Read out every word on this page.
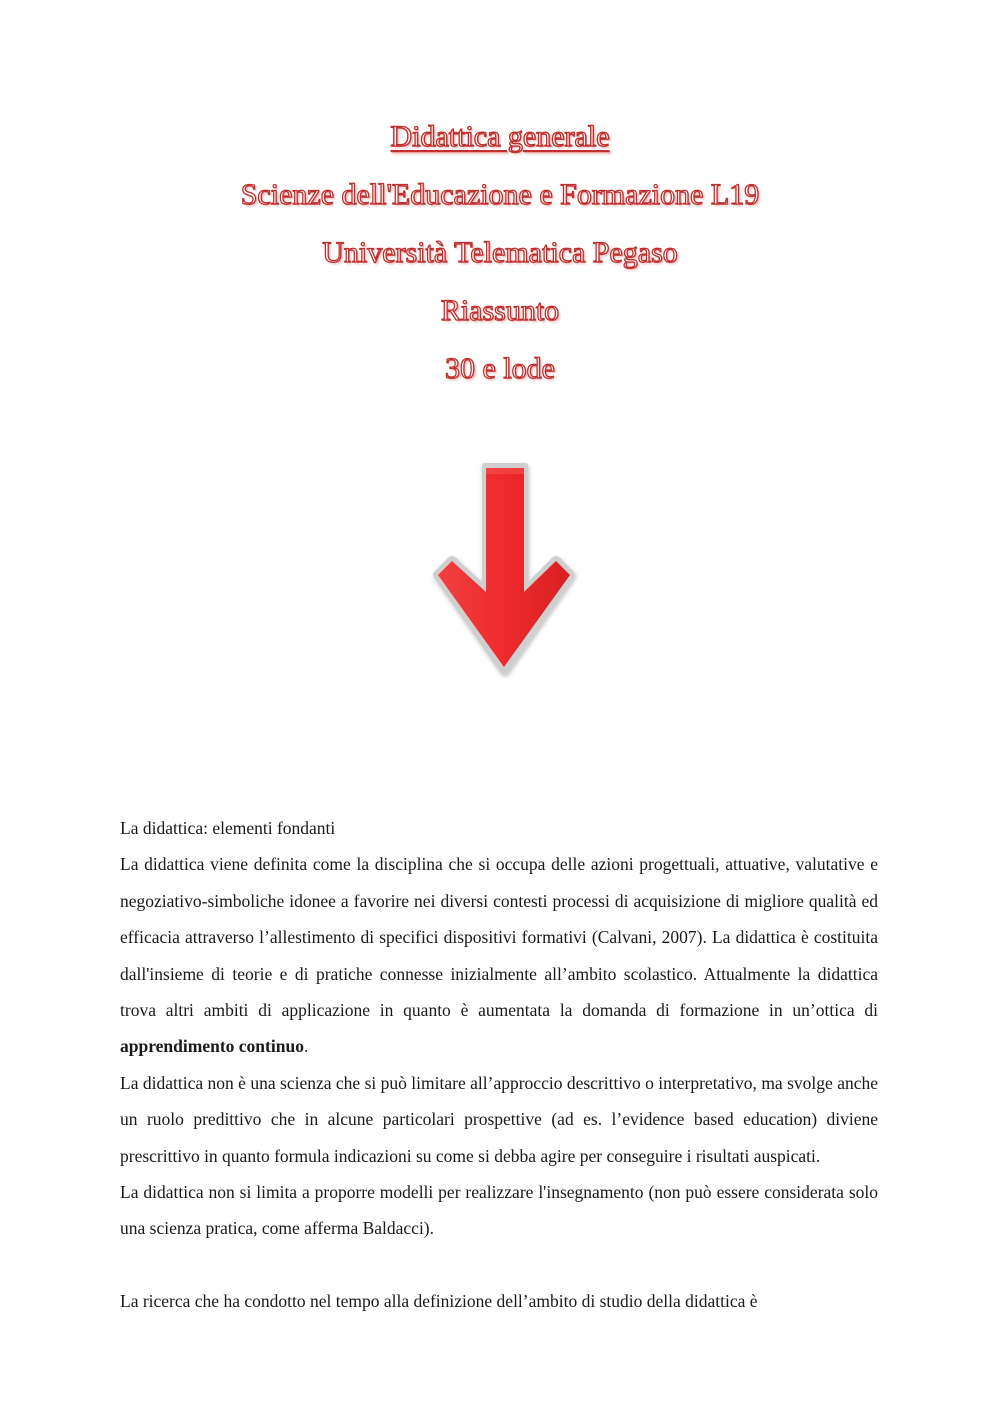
Didattica generale

Scienze dell'Educazione e Formazione L19

Università Telematica Pegaso

Riassunto

30 e lode

La didattica: elementi fondanti

La didattica viene definita come la disciplina che si occupa delle azioni progettuali, attuative, valutative e negoziativo-simboliche idonee a favorire nei diversi contesti processi di acquisizione di migliore qualità ed efficacia attraverso l’allestimento di specifici dispositivi formativi (Calvani, 2007). La didattica è costituita dall'insieme di teorie e di pratiche connesse inizialmente all’ambito scolastico. Attualmente la didattica trova altri ambiti di applicazione in quanto è aumentata la domanda di formazione in un’ottica di apprendimento continuo.

La didattica non è una scienza che si può limitare all’approccio descrittivo o interpretativo, ma svolge anche un ruolo predittivo che in alcune particolari prospettive (ad es. l’evidence based education) diviene prescrittivo in quanto formula indicazioni su come si debba agire per conseguire i risultati auspicati.

La didattica non si limita a proporre modelli per realizzare l'insegnamento (non può essere considerata solo una scienza pratica, come afferma Baldacci).

La ricerca che ha condotto nel tempo alla definizione dell’ambito di studio della didattica è
